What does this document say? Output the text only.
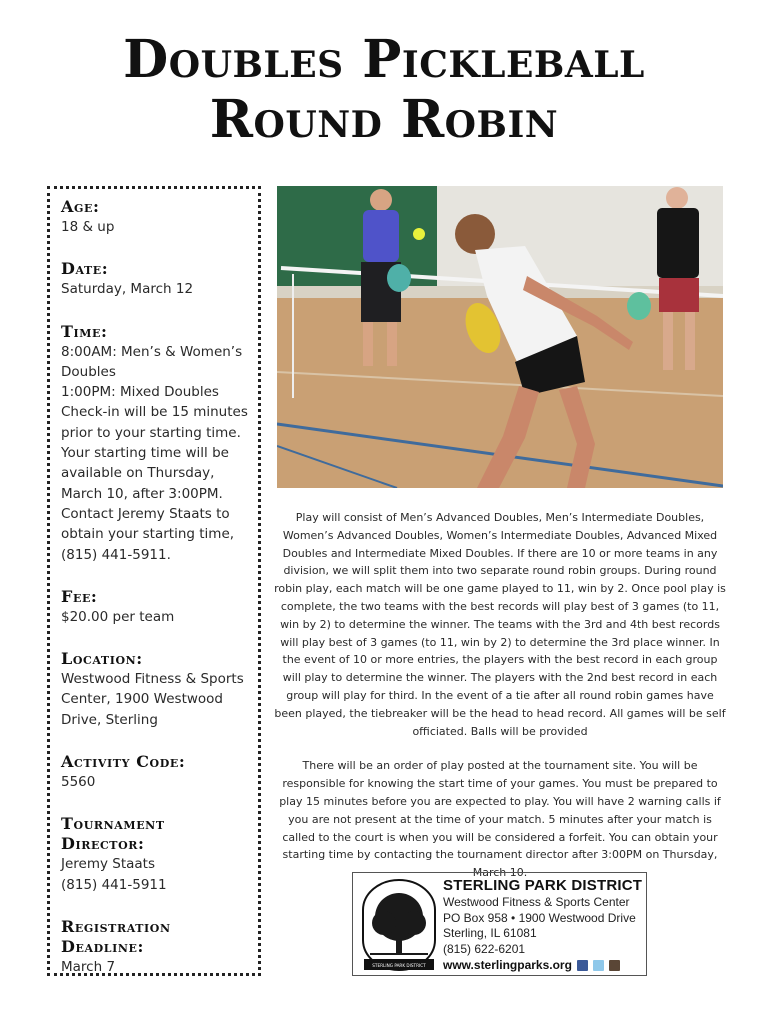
Doubles Pickleball
Round Robin
Age:
18 & up
Date:
Saturday, March 12
Time:
8:00AM: Men’s & Women’s
Doubles
1:00PM: Mixed Doubles
Check-in will be 15 minutes
prior to your starting time.
Your starting time will be
available on Thursday,
March 10, after 3:00PM.
Contact Jeremy Staats to
obtain your starting time,
(815) 441-5911.
Fee:
$20.00 per team
Location:
Westwood Fitness & Sports
Center, 1900 Westwood
Drive, Sterling
Activity Code:
5560
Tournament
Director:
Jeremy Staats
(815) 441-5911
Registration
Deadline:
March 7

Play will consist of Men’s Advanced Doubles, Men’s Intermediate Doubles, Women’s Advanced Doubles, Women’s Intermediate Doubles, Advanced Mixed Doubles and Intermediate Mixed Doubles. If there are 10 or more teams in any division, we will split them into two separate round robin groups. During round robin play, each match will be one game played to 11, win by 2. Once pool play is complete, the two teams with the best records will play best of 3 games (to 11, win by 2) to determine the winner. The teams with the 3rd and 4th best records will play best of 3 games (to 11, win by 2) to determine the 3rd place winner. In the event of 10 or more entries, the players with the best record in each group will play to determine the winner. The players with the 2nd best record in each group will play for third. In the event of a tie after all round robin games have been played, the tiebreaker will be the head to head record. All games will be self officiated. Balls will be provided

There will be an order of play posted at the tournament site. You will be responsible for knowing the start time of your games. You must be prepared to play 15 minutes before you are expected to play. You will have 2 warning calls if you are not present at the time of your match. 5 minutes after your match is called to the court is when you will be considered a forfeit. You can obtain your starting time by contacting the tournament director after 3:00PM on Thursday, March 10.

STERLING PARK DISTRICT
STERLING PARK DISTRICT
Westwood Fitness & Sports Center
PO Box 958 • 1900 Westwood Drive
Sterling, IL 61081
(815) 622-6201
www.sterlingparks.org
